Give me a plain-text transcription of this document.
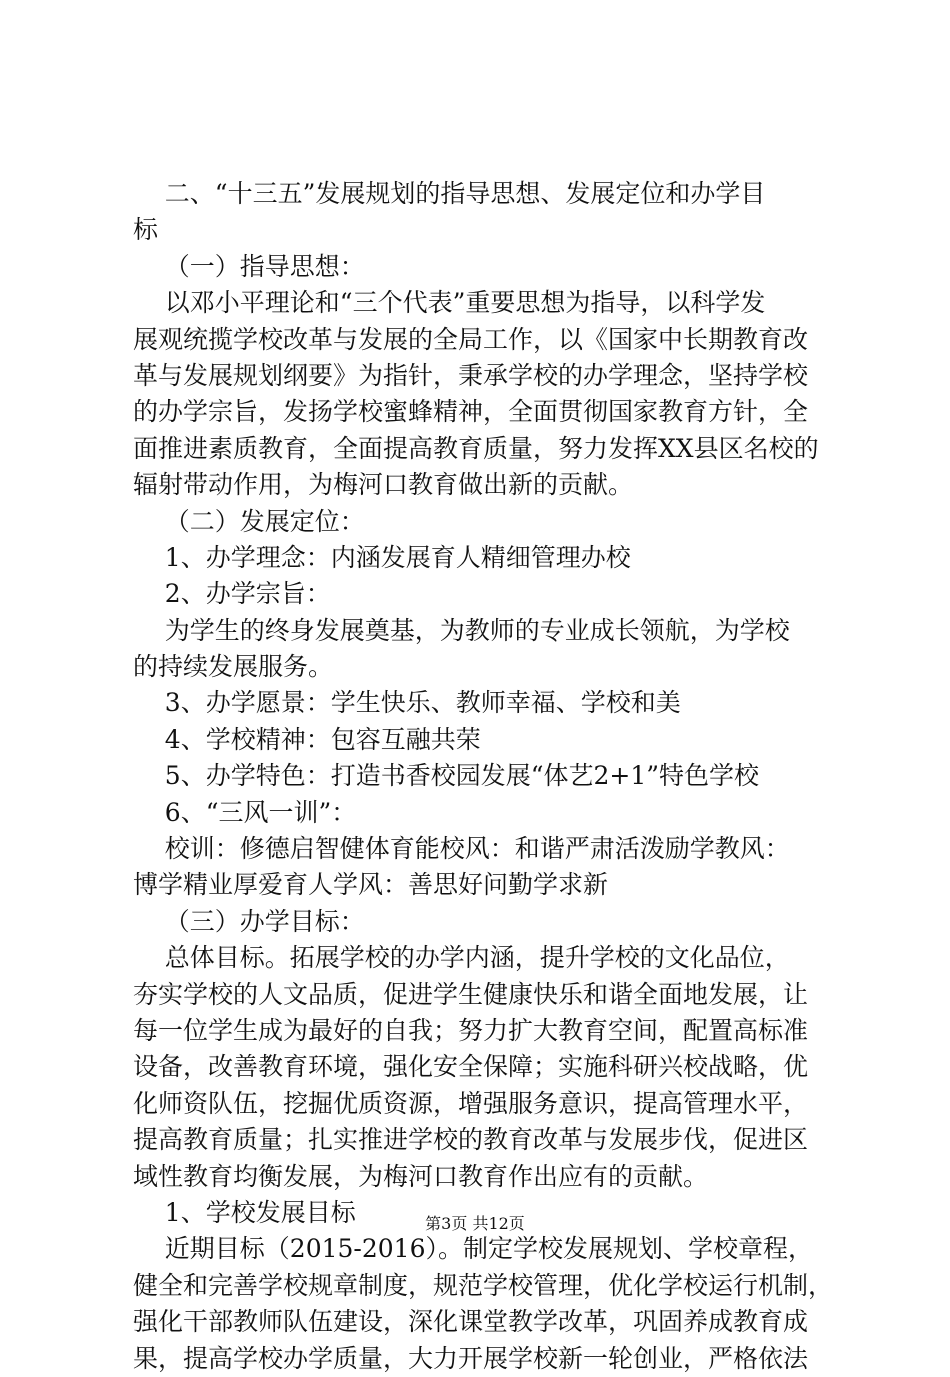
二、“十三五”发展规划的指导思想、发展定位和办学目
标
（一）指导思想：
以邓小平理论和“三个代表”重要思想为指导，以科学发
展观统揽学校改革与发展的全局工作，以《国家中长期教育改
革与发展规划纲要》为指针，秉承学校的办学理念，坚持学校
的办学宗旨，发扬学校蜜蜂精神，全面贯彻国家教育方针，全
面推进素质教育，全面提高教育质量，努力发挥XX县区名校的
辐射带动作用，为梅河口教育做出新的贡献。
（二）发展定位：
1、办学理念：内涵发展育人精细管理办校
2、办学宗旨：
为学生的终身发展奠基，为教师的专业成长领航，为学校
的持续发展服务。
3、办学愿景：学生快乐、教师幸福、学校和美
4、学校精神：包容互融共荣
5、办学特色：打造书香校园发展“体艺2+1”特色学校
6、“三风一训”：
校训：修德启智健体育能校风：和谐严肃活泼励学教风：
博学精业厚爱育人学风：善思好问勤学求新
（三）办学目标：
总体目标。拓展学校的办学内涵，提升学校的文化品位，
夯实学校的人文品质，促进学生健康快乐和谐全面地发展，让
每一位学生成为最好的自我；努力扩大教育空间，配置高标准
设备，改善教育环境，强化安全保障；实施科研兴校战略，优
化师资队伍，挖掘优质资源，增强服务意识，提高管理水平，
提高教育质量；扎实推进学校的教育改革与发展步伐，促进区
域性教育均衡发展，为梅河口教育作出应有的贡献。
1、学校发展目标
近期目标（2015-2016）。制定学校发展规划、学校章程，
健全和完善学校规章制度，规范学校管理，优化学校运行机制，
强化干部教师队伍建设，深化课堂教学改革，巩固养成教育成
果，提高学校办学质量，大力开展学校新一轮创业，严格依法
第3页 共12页
